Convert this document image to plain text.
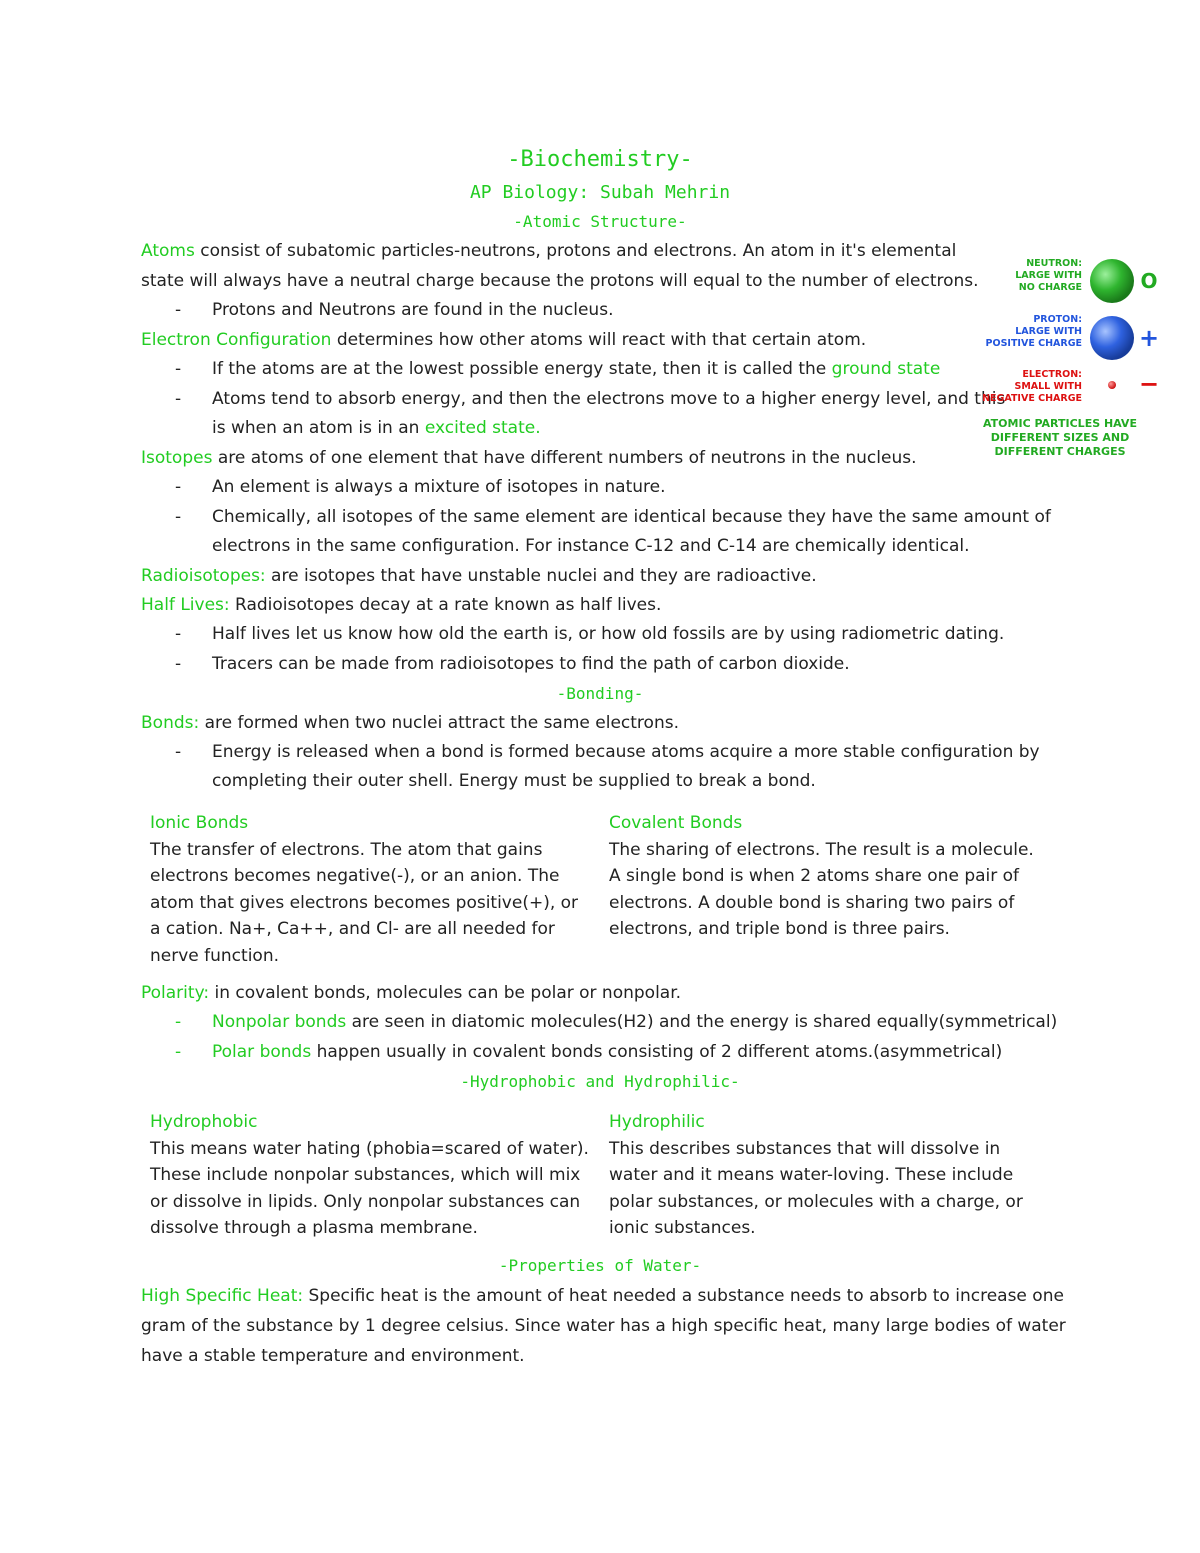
-Biochemistry-
AP Biology: Subah Mehrin
-Atomic Structure-
Atoms consist of subatomic particles-neutrons, protons and electrons. An atom in it's elemental
state will always have a neutral charge because the protons will equal to the number of electrons.
- Protons and Neutrons are found in the nucleus.
Electron Configuration determines how other atoms will react with that certain atom.
- If the atoms are at the lowest possible energy state, then it is called the ground state
- Atoms tend to absorb energy, and then the electrons move to a higher energy level, and this
is when an atom is in an excited state.
Isotopes are atoms of one element that have different numbers of neutrons in the nucleus.
- An element is always a mixture of isotopes in nature.
- Chemically, all isotopes of the same element are identical because they have the same amount of
electrons in the same configuration. For instance C-12 and C-14 are chemically identical.
Radioisotopes: are isotopes that have unstable nuclei and they are radioactive.
Half Lives: Radioisotopes decay at a rate known as half lives.
- Half lives let us know how old the earth is, or how old fossils are by using radiometric dating.
- Tracers can be made from radioisotopes to find the path of carbon dioxide.
-Bonding-
Bonds: are formed when two nuclei attract the same electrons.
- Energy is released when a bond is formed because atoms acquire a more stable configuration by
completing their outer shell. Energy must be supplied to break a bond.
Ionic Bonds
The transfer of electrons. The atom that gains electrons becomes negative(-), or an anion. The atom that gives electrons becomes positive(+), or a cation. Na+, Ca++, and Cl- are all needed for nerve function.
Covalent Bonds
The sharing of electrons. The result is a molecule. A single bond is when 2 atoms share one pair of electrons. A double bond is sharing two pairs of electrons, and triple bond is three pairs.
Polarity: in covalent bonds, molecules can be polar or nonpolar.
- Nonpolar bonds are seen in diatomic molecules(H2) and the energy is shared equally(symmetrical)
- Polar bonds happen usually in covalent bonds consisting of 2 different atoms.(asymmetrical)
-Hydrophobic and Hydrophilic-
Hydrophobic
This means water hating (phobia=scared of water). These include nonpolar substances, which will mix or dissolve in lipids. Only nonpolar substances can dissolve through a plasma membrane.
Hydrophilic
This describes substances that will dissolve in water and it means water-loving. These include polar substances, or molecules with a charge, or ionic substances.
-Properties of Water-
High Specific Heat: Specific heat is the amount of heat needed a substance needs to absorb to increase one
gram of the substance by 1 degree celsius. Since water has a high specific heat, many large bodies of water
have a stable temperature and environment.
NEUTRON:
LARGE WITH
NO CHARGE	O
PROTON:
LARGE WITH
POSITIVE CHARGE +
ELECTRON:
SMALL WITH
NEGATIVE CHARGE
−
ATOMIC PARTICLES HAVE
DIFFERENT SIZES AND
DIFFERENT CHARGES
